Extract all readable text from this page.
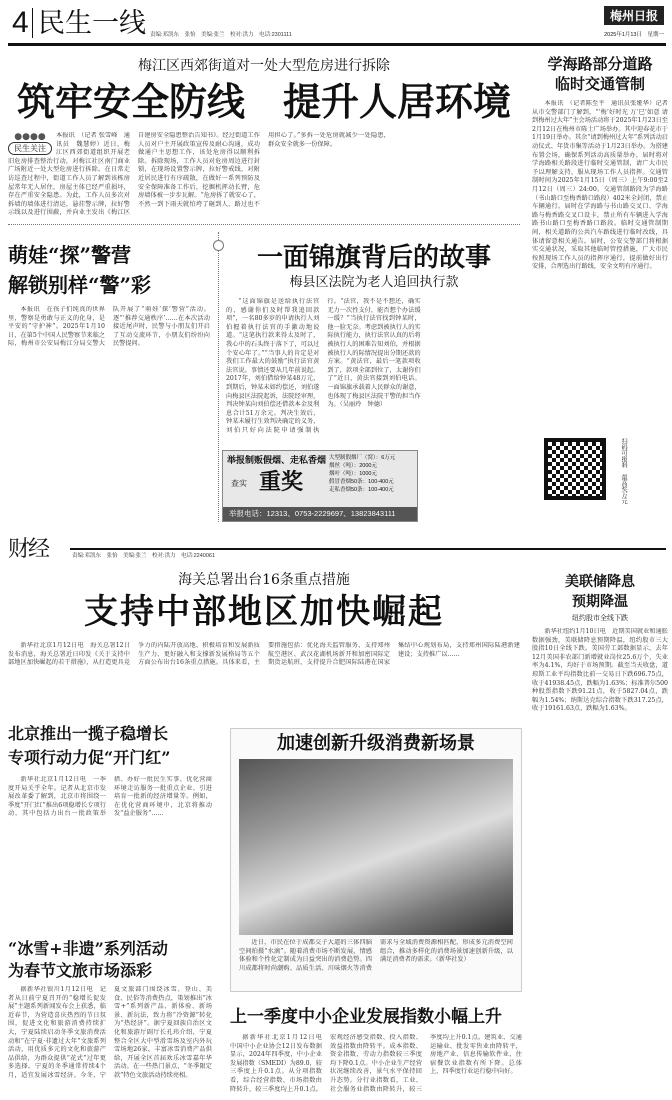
4 民生一线 责编:邓凯东　张怡　美编:张兰　校对:洪力　电话:2301111
梅州日报
2025年1月13日　星期一
梅江区西郊街道对一处大型危房进行拆除
筑牢安全防线　提升人居环境
●●●●
民生关注
本报讯　（记者 张雪峰　通讯员　魏慧婷）近日，梅江区西郊街道组织开展老旧危房排查整治行动，对梅江社区南门商业广场附近一处大型危房进行拆除。在日常走访巡查过程中，街道工作人员了解到该栋房屋常年无人居住，房屋主体已经严重损坏，存在严重安全隐患。为此，工作人员多次对拆墙的墙体进行清运，悬挂警示牌，拉好警示线以及进行围蔽，并向业主发出《梅江区自建房安全隐患整治告知书》。经过街道工作人员对户主开展政策宣传及耐心沟通，成功做通户主思想工作，该处危房得以顺利拆除。拆除现场，工作人员对危房周边进行封锁，在现场设置警示牌，拉好警戒线，对附近居民进行有序疏散，在做好一系列预防及安全保障准备工作后，挖掘机挥动长臂，危房墙体被一步步瓦解。“危房拆了就安心了，不然一到下雨天就怕垮了砸到人，路过也不用担心了。”多拆一处危房就减少一处隐患，群众安全就多一份保障。
学海路部分道路
临时交通管制
本报讯　（记者陈至平　通讯员张娅华）记者从市交警部门了解到，“‘梅’好时光 万‘巳’如意 请到梅州过大年”主会场活动将于2025年1月23日至2月12日在梅州市陈土广场举办。其中迎春花市于1月19日举办。其余“请到梅州过大年”系列活动启动仪式、年货市集等活动于1月23日举办。为搭建布置会场，确保系列活动高质量举办，届时将对学海路相关路段进行临时交通管制，请广大市民予以理解支持，服从现场工作人员指挥。交通管制时间为2025年1月15日（周三）上午9:00至2月12日（周三）24:00。交通管制路段为学海路（书山路口至梅香路口路段）402米全封闭，禁止车辆通行。届时在学海路与书山路交叉口、学海路与梅香路交叉口设卡，禁止所有车辆进入学海路书山路口至梅香路口路段。临时交通管制期间，相关道路的公共汽车路线进行临时改线，具体请留意相关通告。届时，公安交警部门将根据实交通状况，采取其他临时管控措施，广大市民按照现场工作人员的指挥序通行，提前做好出行安排，合理选出行路线，安全文明有序通行。
扫码可报料　最高奖万元
萌娃“探”警营
解锁别样“警”彩
本报讯　在孩子们纯真的世界里，警察是勇敢与正义的化身，是平安的“守护神”。2025年1月10日，在第5个中国人民警察节来临之际，梅州市公安局梅江分局交警大队开展了“萌娃‘探’警营”活动。逐“‘推荐交通秩序’……在本次活动接近尾声时，民警与小朋友们开启了互动交流环节，小朋友们纷纷向民警提问。
一面锦旗背后的故事
梅县区法院为老人追回执行款
“这面锦旗是送给执行法官的，感谢你们及时帮我追回款项”，一名80多岁的申请执行人刘伯握着执行法官的手激动地说道。“这笔执行款来得太及时了，我心中的石头终于落下了，可以过个安心年了。”“当事人的肯定是对我们工作最大的鼓励”执行法官黄法官说。事情还要从几年前说起。2017年，刘伯借给钟某48万元，到期后，钟某未如约偿还，刘伯遂向梅县区法院起诉，法院经审理，判决钟某向刘伯偿还借款本金及利息合计51万余元。判决生效后，钟某未履行生效判决确定的义务，刘伯只好向法院申请强制执行。“法官，我不是不想还，确实无力一次性支付，能否想个办法缓一缓？”当执行法官找到钟某时，他一脸无奈。考虑到被执行人的实际执行能力，执行法官认真的后将被执行人的困难告知刘伯，并根据被执行人的际情况提出分期还款的方案。“黄法官，最后一笔款项收到了，款项全部到位了，太谢你们了”近日，黄法官接到刘伯电话。一面锦旗承载着人民群众的谢意，也体现了梅县区法院干警的担当作为。（吴丽玲　钟德）
举报制贩假烟、走私香烟
查实 重奖
大型制假烟厂（窝）：6万元
烟丝（吨）：2000元
烟叶（吨）：1000元
假冒香烟50条：100-400元
走私香烟50条：100-400元
举报电话：12313、0753-2229697、13823843111
财经	责编:邓凯东　张怡　美编:张兰　校对:洪力　电话:2240061
海关总署出台16条重点措施
支持中部地区加快崛起
新华社北京1月12日电　海关总署12日发布消息，海关总署近日印发《关于支持中部地区加快崛起的若干措施》，从打造更具竞争力的内陆开放高地、积极培育和发展新质生产力、更好融入和支撑新发展格局等五个方面公布出台16条重点措施。具体来看，主要措施包括：优化海关监管服务，支持郑州航空港区、武汉花湖机场新开和加密国际定期货运航班，支持提升合肥国际陆港在国家集结中心规划布局，支持郑州国际陆港新建建设；支持推广以……
美联储降息
预期降温
纽约股市全线下跌
新华社纽约1月10日电　近期美国就业和通胀数据强劲，美联储降息预期降温，纽约股市三大股指10日全线下跌。美国劳工部数据显示，去年12月美国非农部门新增就业岗位25.6万个，失业率为4.1%，均好于市场预期。截至当天收盘，道琼斯工业平均指数比前一交易日下跌696.75点，收于41938.45点，跌幅为1.63%；标准普尔500种股票指数下跌91.21点，收于5827.04点，跌幅为1.54%；纳斯达克综合指数下跌317.25点，收于19161.63点，跌幅为1.63%。
北京推出一揽子稳增长
专项行动力促“开门红”
新华社北京1月12日电　一季度开局关乎全年。记者从北京市发展改革委了解到，北京市将围绕一季度“开门红”推出6项稳增长专项行动，其中包括力出台一批政策举措、办好一批民生实事、优化营商环境走访服务一批重点企业、引进培育一批新的经济增量等。例如，在优化营商环境中，北京将推动发“益企服务”……
加速创新升级消费新场景
近日，市民在位于成都交子大道的三体四脑空间拍摄“水滴”。随着消费市场不断发展，情感体验和个性化定制成为日益突出的消费趋势。四川成都将时尚潮购、品质生活、川味烟火等消费需求与全域消费资源相匹配，形成多元消费空间组合，推动多样化的消费场景加速创新升级，以满足消费者的需求。（新华社发）
“冰雪+非遗”系列活动
为春节文旅市场添彩
据新华社银川1月12日电　记者从日前宁夏召开的“稳增长促发展”主题系列新闻发布会上获悉，临近春节，为营造喜庆热烈的节日氛围，促进文化和旅游消费持续扩大，宁夏陆续启动冬季文旅消费活动和“在宁夏·非遗过大年”文旅系列活动，用优质多元的文化和旅游产品供给，为群众提供“花式”过年更多选择。宁夏的冬季通常持续4个月，适宜发展冰雪经济。今冬，宁夏文旅部门围绕冰雪、登山、美食、民俗等消费热点，策划推出“冰雪+”系列新产品、新体验、新场景、新玩法，致力将“冷资源”转化为“热经济”。据宁夏回族自治区文化和旅游厅副厅长孔玮介绍，宁夏整合全区大中型滑雪场及室内外玩雪场地26家，丰富冰雪消费产品供给，开展全区首届欢乐冰雪嘉年华活动。在一些热门景点，“冬季限定款”特色文旅活动持续亮相。
上一季度中小企业发展指数小幅上升
据新华社北京1月12日电　中国中小企业协会12日发布数据显示，2024年四季度，中小企业发展指数（SMEDI）为89.0，较三季度上升0.1点。从分项指数看，综合经营指数、市场指数由降转升，较三季度均上升0.1点。宏观经济感受指数、投入指数、效益指数由降转平。成本指数、资金指数、劳动力指数较三季度均下降0.1点。中小企业生产经营状况继续改善，景气水平保持回升态势。分行业指数看，工业、社会服务业指数由降转升，较三季度均上升0.1点。建筑业、交通运输业、批发零售业由降转平，房地产业、信息传输软件业、住宿餐饮业指数有所下降。总体上，四季度行业运行稳中向好。
